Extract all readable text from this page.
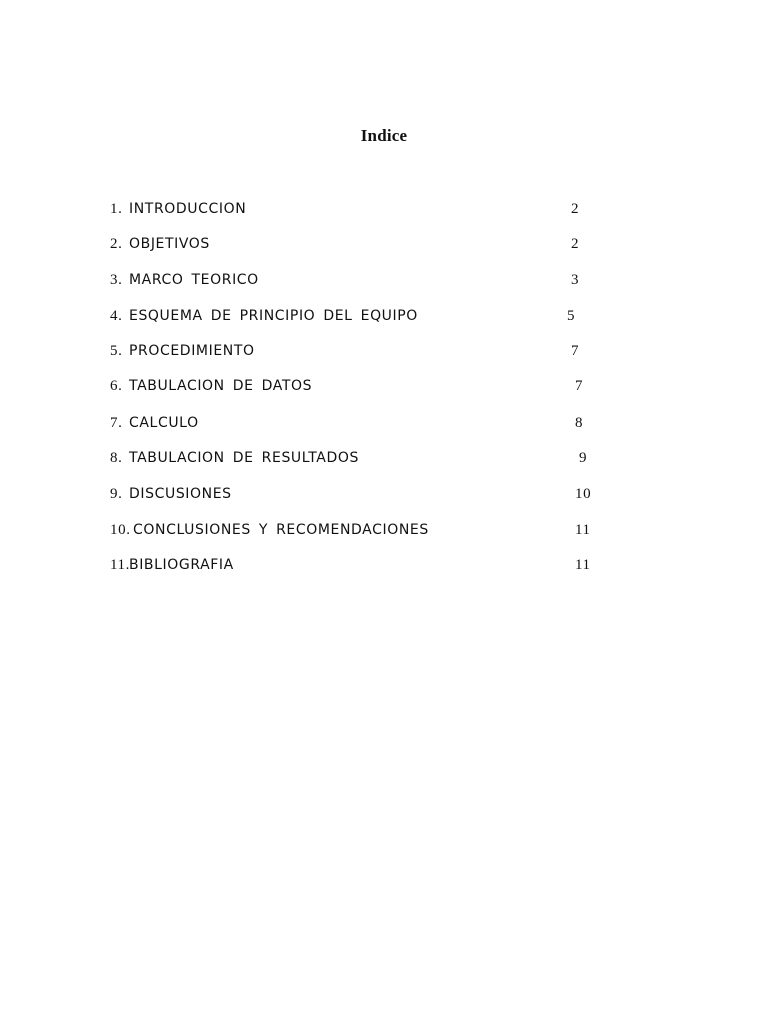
Indice
1. INTRODUCCION	2
2. OBJETIVOS	2
3. MARCO TEORICO	3
4. ESQUEMA DE PRINCIPIO DEL EQUIPO	5
5. PROCEDIMIENTO	7
6. TABULACION DE DATOS	7
7. CALCULO	8
8. TABULACION DE RESULTADOS	9
9. DISCUSIONES	10
10. CONCLUSIONES Y RECOMENDACIONES	11
11. BIBLIOGRAFIA	11
